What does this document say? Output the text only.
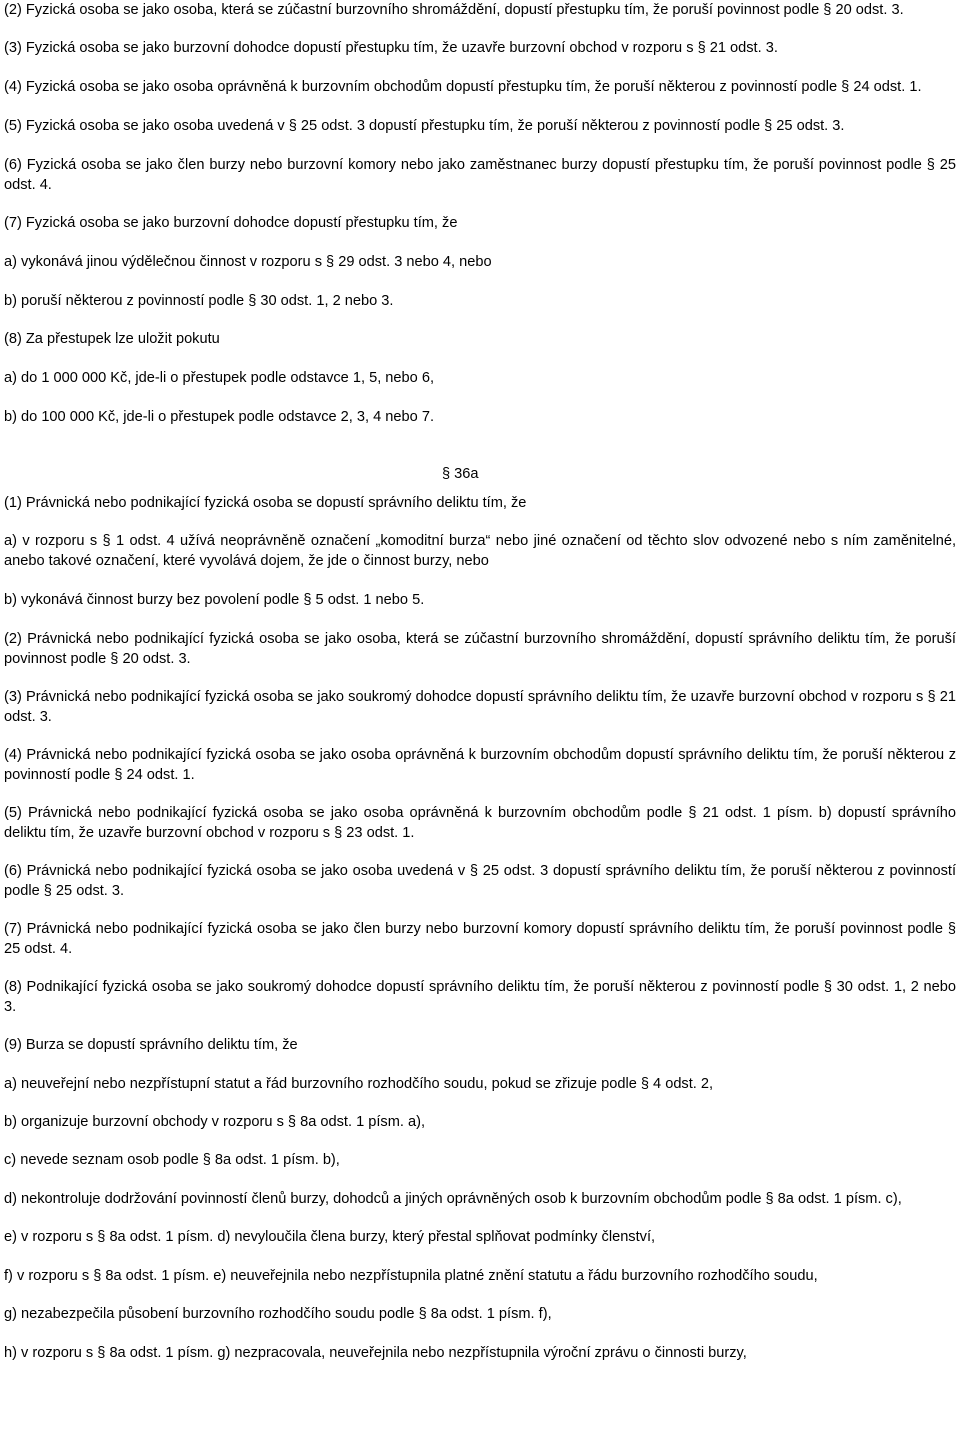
(2) Fyzická osoba se jako osoba, která se zúčastní burzovního shromáždění, dopustí přestupku tím, že poruší povinnost podle § 20 odst. 3.

(3) Fyzická osoba se jako burzovní dohodce dopustí přestupku tím, že uzavře burzovní obchod v rozporu s § 21 odst. 3.

(4) Fyzická osoba se jako osoba oprávněná k burzovním obchodům dopustí přestupku tím, že poruší některou z povinností podle § 24 odst. 1.

(5) Fyzická osoba se jako osoba uvedená v § 25 odst. 3 dopustí přestupku tím, že poruší některou z povinností podle § 25 odst. 3.

(6) Fyzická osoba se jako člen burzy nebo burzovní komory nebo jako zaměstnanec burzy dopustí přestupku tím, že poruší povinnost podle § 25 odst. 4.

(7) Fyzická osoba se jako burzovní dohodce dopustí přestupku tím, že

a) vykonává jinou výdělečnou činnost v rozporu s § 29 odst. 3 nebo 4, nebo

b) poruší některou z povinností podle § 30 odst. 1, 2 nebo 3.

(8) Za přestupek lze uložit pokutu

a) do 1 000 000 Kč, jde-li o přestupek podle odstavce 1, 5, nebo 6,

b) do 100 000 Kč, jde-li o přestupek podle odstavce 2, 3, 4 nebo 7.

§ 36a

(1) Právnická nebo podnikající fyzická osoba se dopustí správního deliktu tím, že

a) v rozporu s § 1 odst. 4 užívá neoprávněně označení „komoditní burza“ nebo jiné označení od těchto slov odvozené nebo s ním zaměnitelné, anebo takové označení, které vyvolává dojem, že jde o činnost burzy, nebo

b) vykonává činnost burzy bez povolení podle § 5 odst. 1 nebo 5.

(2) Právnická nebo podnikající fyzická osoba se jako osoba, která se zúčastní burzovního shromáždění, dopustí správního deliktu tím, že poruší povinnost podle § 20 odst. 3.

(3) Právnická nebo podnikající fyzická osoba se jako soukromý dohodce dopustí správního deliktu tím, že uzavře burzovní obchod v rozporu s § 21 odst. 3.

(4) Právnická nebo podnikající fyzická osoba se jako osoba oprávněná k burzovním obchodům dopustí správního deliktu tím, že poruší některou z povinností podle § 24 odst. 1.

(5) Právnická nebo podnikající fyzická osoba se jako osoba oprávněná k burzovním obchodům podle § 21 odst. 1 písm. b) dopustí správního deliktu tím, že uzavře burzovní obchod v rozporu s § 23 odst. 1.

(6) Právnická nebo podnikající fyzická osoba se jako osoba uvedená v § 25 odst. 3 dopustí správního deliktu tím, že poruší některou z povinností podle § 25 odst. 3.

(7) Právnická nebo podnikající fyzická osoba se jako člen burzy nebo burzovní komory dopustí správního deliktu tím, že poruší povinnost podle § 25 odst. 4.

(8) Podnikající fyzická osoba se jako soukromý dohodce dopustí správního deliktu tím, že poruší některou z povinností podle § 30 odst. 1, 2 nebo 3.

(9) Burza se dopustí správního deliktu tím, že

a) neuveřejní nebo nezpřístupní statut a řád burzovního rozhodčího soudu, pokud se zřizuje podle § 4 odst. 2,

b) organizuje burzovní obchody v rozporu s § 8a odst. 1 písm. a),

c) nevede seznam osob podle § 8a odst. 1 písm. b),

d) nekontroluje dodržování povinností členů burzy, dohodců a jiných oprávněných osob k burzovním obchodům podle § 8a odst. 1 písm. c),

e) v rozporu s § 8a odst. 1 písm. d) nevyloučila člena burzy, který přestal splňovat podmínky členství,

f) v rozporu s § 8a odst. 1 písm. e) neuveřejnila nebo nezpřístupnila platné znění statutu a řádu burzovního rozhodčího soudu,

g) nezabezpečila působení burzovního rozhodčího soudu podle § 8a odst. 1 písm. f),

h) v rozporu s § 8a odst. 1 písm. g) nezpracovala, neuveřejnila nebo nezpřístupnila výroční zprávu o činnosti burzy,
